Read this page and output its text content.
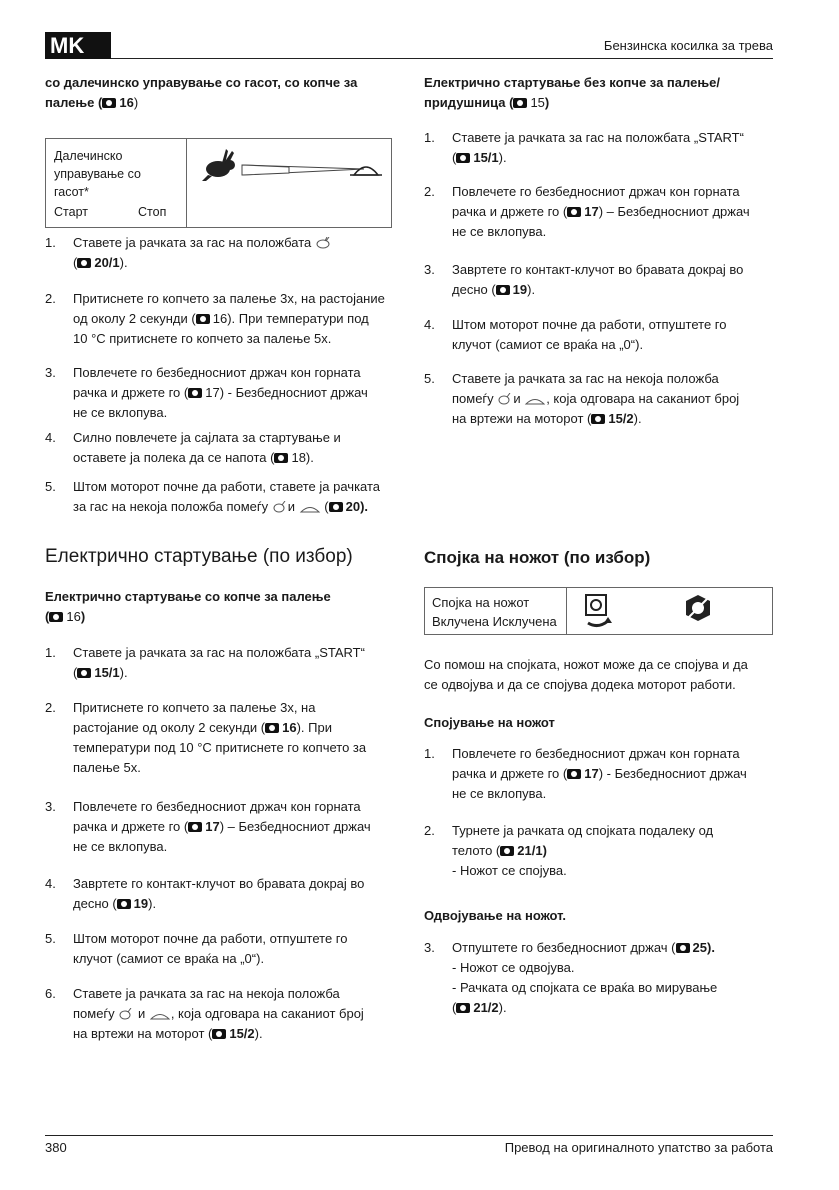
MK	Бензинска косилка за трева
со далечинско управување со гасот, со копче за
палење ( 16)
Далечинско
управување со
гасот*
Старт	Стоп
1. Ставете ја рачката за гас на положбата
( 20/1).
2. Притиснете го копчето за палење 3x, на растојание
од околу 2 секунди ( 16). При температури под
10 °C притиснете го копчето за палење 5x.
3. Повлечете го безбедносниот држач кон горната
рачка и држете го ( 17) - Безбедносниот држач
не се вклопува.
4. Силно повлечете ја сајлата за стартување и
оставете ја полека да се напота ( 18).
5. Штом моторот почне да работи, ставете ја рачката
за гас на некоја положба помеѓу и ( 20).
Електрично стартување (по избор)
Електрично стартување со копче за палење
( 16)
1. Ставете ја рачката за гас на положбата „START“
( 15/1).
2. Притиснете го копчето за палење 3x, на
растојание од околу 2 секунди ( 16). При
температури под 10 °C притиснете го копчето за
палење 5x.
3. Повлечете го безбедносниот држач кон горната
рачка и држете го ( 17) – Безбедносниот држач
не се вклопува.
4. Завртете го контакт-клучот во бравата докрај во
десно ( 19).
5. Штом моторот почне да работи, отпуштете го
клучот (самиот се враќа на „0“).
6. Ставете ја рачката за гас на некоја положба
помеѓу и , која одговара на саканиот број
на вртежи на моторот ( 15/2).
Електрично стартување без копче за палење/
придушница ( 15)
1. Ставете ја рачката за гас на положбата „START“
( 15/1).
2. Повлечете го безбедносниот држач кон горната
рачка и држете го ( 17) – Безбедносниот држач
не се вклопува.
3. Завртете го контакт-клучот во бравата докрај во
десно ( 19).
4. Штом моторот почне да работи, отпуштете го
клучот (самиот се враќа на „0“).
5. Ставете ја рачката за гас на некоја положба
помеѓу и , која одговара на саканиот број
на вртежи на моторот ( 15/2).
Спојка на ножот (по избор)
Спојка на ножот
Вклучена Исклучена
Со помош на спојката, ножот може да се спојува и да
се одвојува и да се спојува додека моторот работи.
Спојување на ножот
1. Повлечете го безбедносниот држач кон горната
рачка и држете го ( 17) - Безбедносниот држач
не се вклопува.
2. Турнете ја рачката од спојката подалеку од
телото ( 21/1)
- Ножот се спојува.
Одвојување на ножот.
3. Отпуштете го безбедносниот држач ( 25).
- Ножот се одвојува.
- Рачката од спојката се враќа во мирување
( 21/2).
380	Превод на оригиналното упатство за работа
